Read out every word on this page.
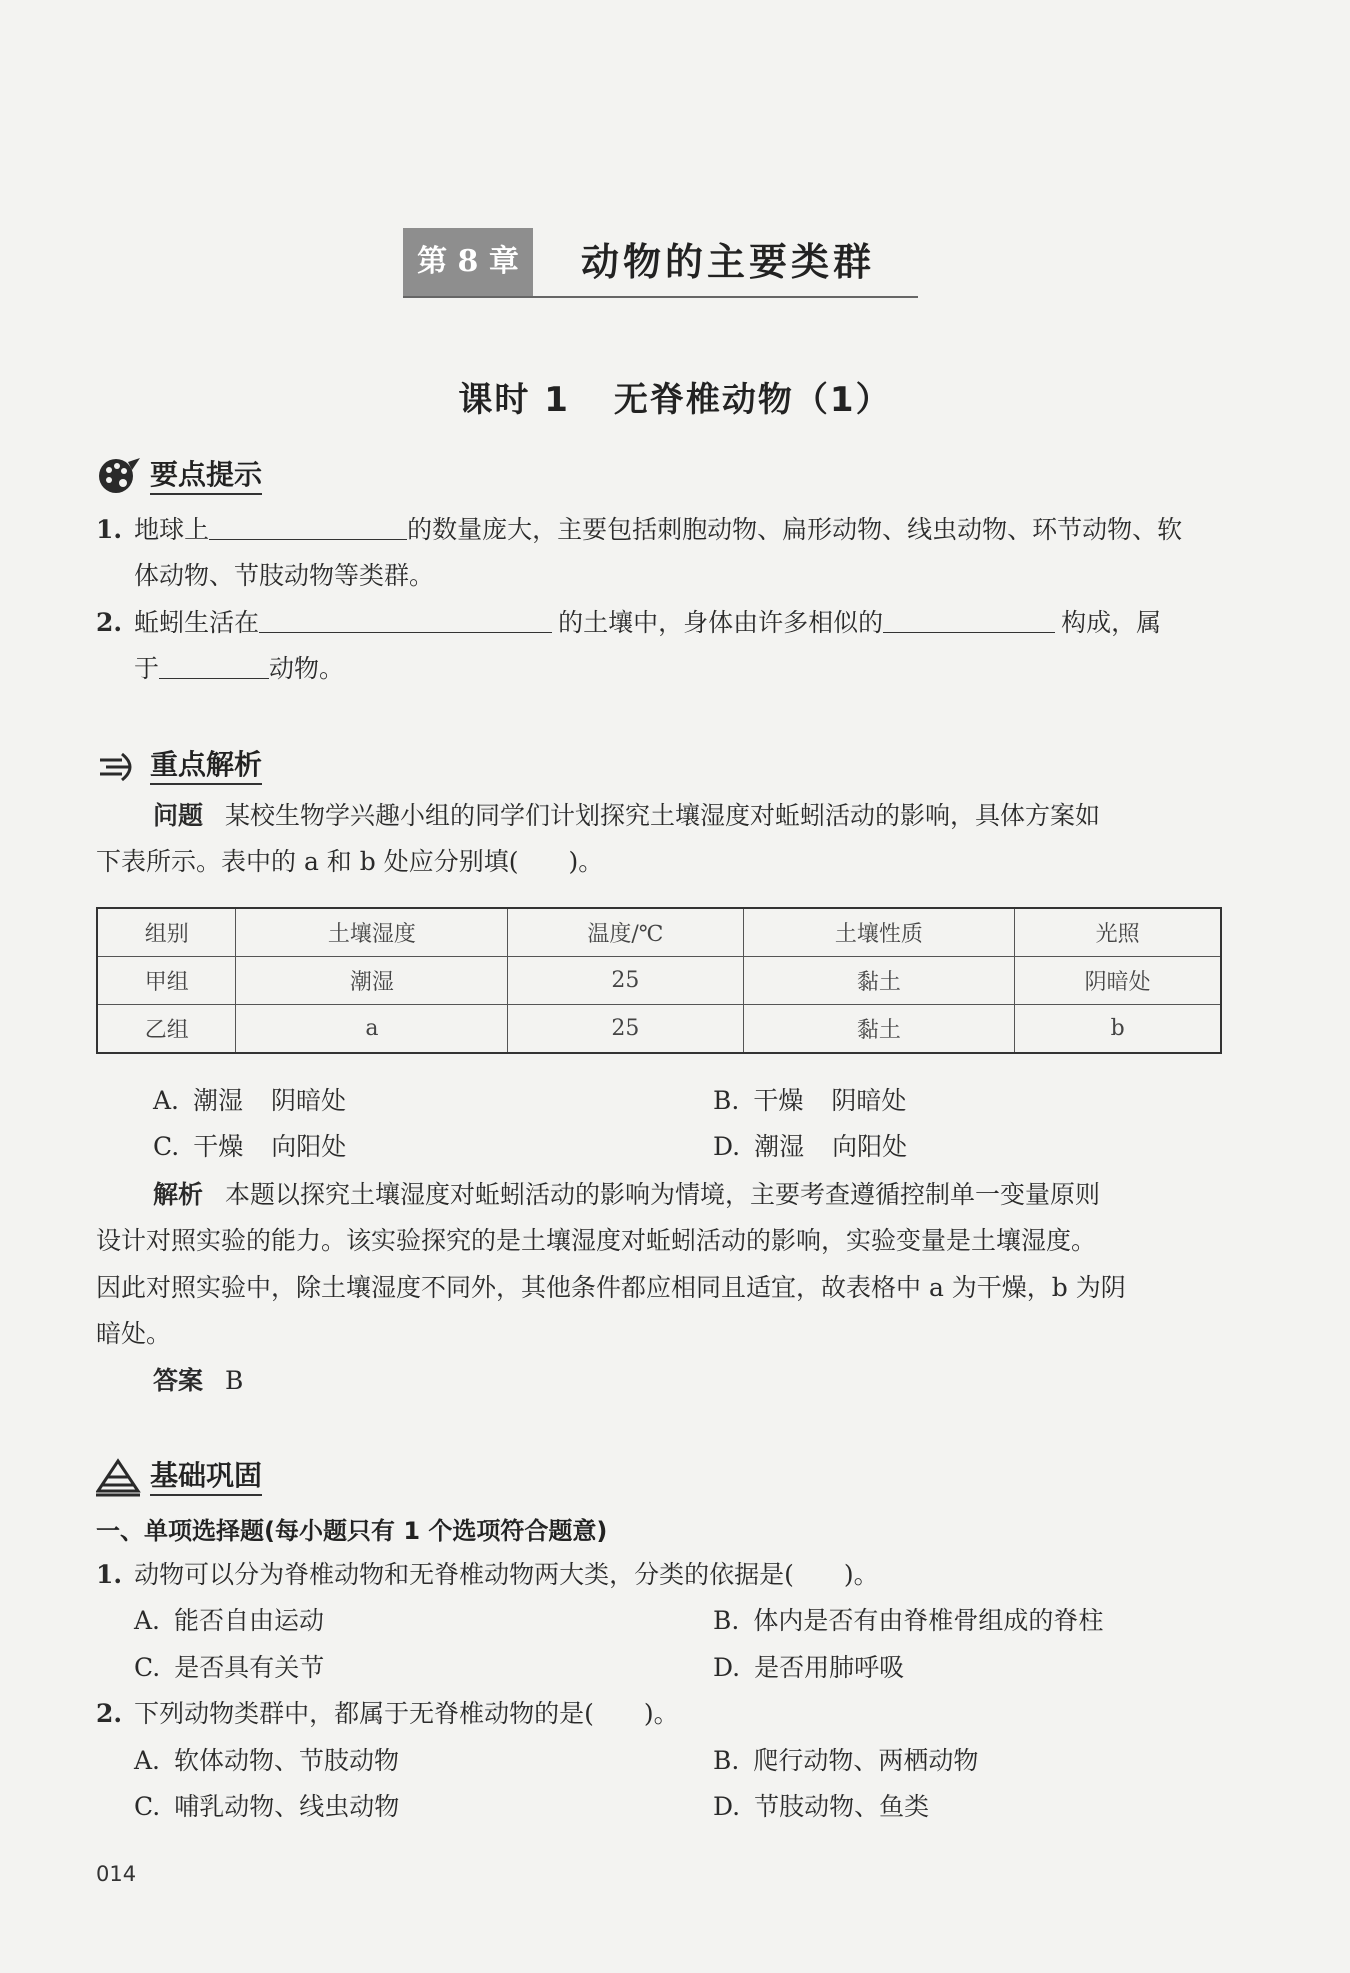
第 8 章	动物的主要类群
课时 1 无脊椎动物（1）
要点提示
1. 地球上	的数量庞大，主要包括刺胞动物、扁形动物、线虫动物、环节动物、软
体动物、节肢动物等类群。
2. 蚯蚓生活在	的土壤中，身体由许多相似的	构成，属
于	动物。
重点解析
问题 某校生物学兴趣小组的同学们计划探究土壤湿度对蚯蚓活动的影响，具体方案如
下表所示。表中的 a 和 b 处应分别填(　　)。
组别	土壤湿度	温度/℃	土壤性质	光照
甲组	潮湿	25	黏土	阴暗处
乙组	a	25	黏土	b
A. 潮湿 阴暗处	B. 干燥 阴暗处
C. 干燥 向阳处	D. 潮湿 向阳处
解析 本题以探究土壤湿度对蚯蚓活动的影响为情境，主要考查遵循控制单一变量原则
设计对照实验的能力。该实验探究的是土壤湿度对蚯蚓活动的影响，实验变量是土壤湿度。
因此对照实验中，除土壤湿度不同外，其他条件都应相同且适宜，故表格中 a 为干燥，b 为阴
暗处。
答案 B
基础巩固
一、单项选择题(每小题只有 1 个选项符合题意)
1. 动物可以分为脊椎动物和无脊椎动物两大类，分类的依据是(　　)。
A. 能否自由运动	B. 体内是否有由脊椎骨组成的脊柱
C. 是否具有关节	D. 是否用肺呼吸
2. 下列动物类群中，都属于无脊椎动物的是(　　)。
A. 软体动物、节肢动物	B. 爬行动物、两栖动物
C. 哺乳动物、线虫动物	D. 节肢动物、鱼类
014
